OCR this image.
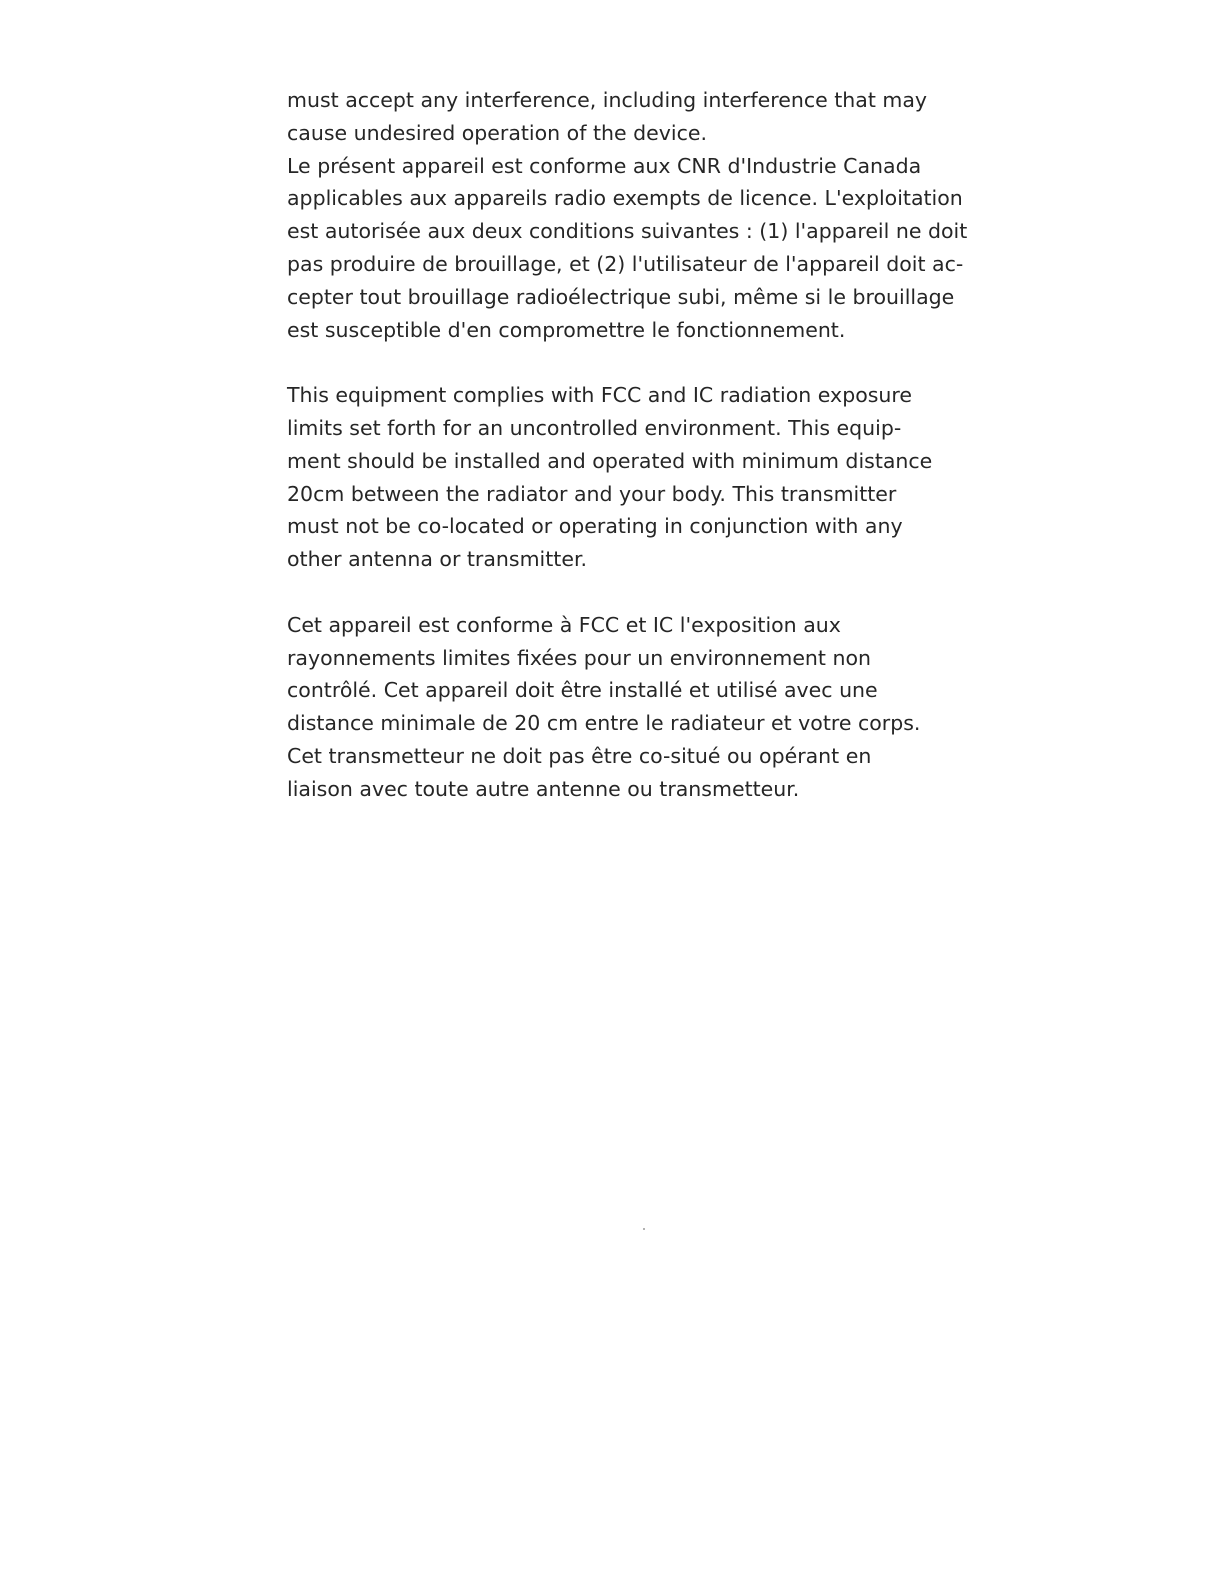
must accept any interference, including interference that may
cause undesired operation of the device.

Le présent appareil est conforme aux CNR d'Industrie Canada
applicables aux appareils radio exempts de licence. L'exploitation
est autorisée aux deux conditions suivantes : (1) l'appareil ne doit
pas produire de brouillage, et (2) l'utilisateur de l'appareil doit ac-
cepter tout brouillage radioélectrique subi, même si le brouillage
est susceptible d'en compromettre le fonctionnement.

This equipment complies with FCC and IC radiation exposure
limits set forth for an uncontrolled environment. This equip-
ment should be installed and operated with minimum distance
20cm between the radiator and your body. This transmitter
must not be co-located or operating in conjunction with any
other antenna or transmitter.

Cet appareil est conforme à FCC et IC l'exposition aux
rayonnements limites fixées pour un environnement non
contrôlé. Cet appareil doit être installé et utilisé avec une
distance minimale de 20 cm entre le radiateur et votre corps.
Cet transmetteur ne doit pas être co-situé ou opérant en
liaison avec toute autre antenne ou transmetteur.
